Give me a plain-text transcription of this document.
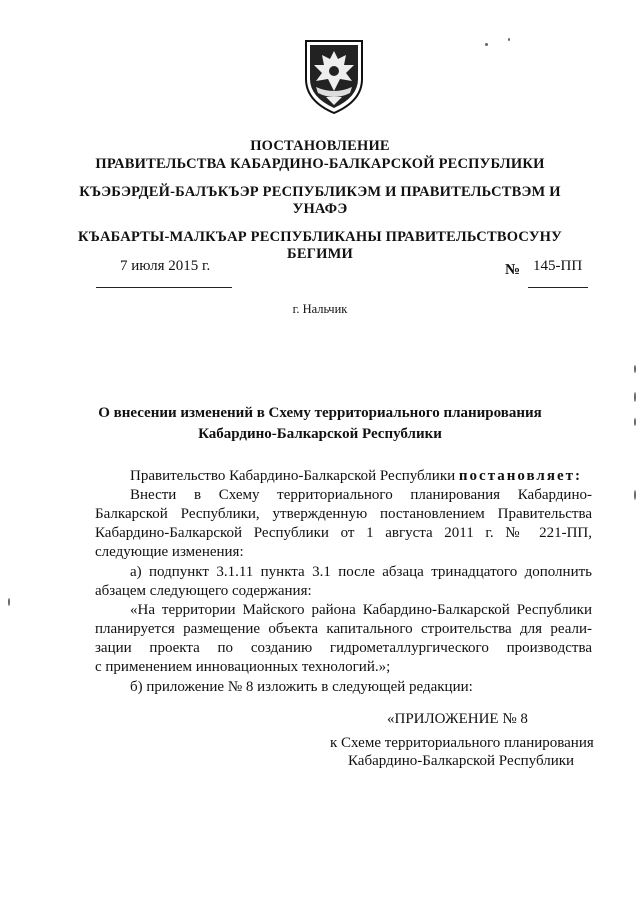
ПОСТАНОВЛЕНИЕ
ПРАВИТЕЛЬСТВА КАБАРДИНО-БАЛКАРСКОЙ РЕСПУБЛИКИ
КЪЭБЭРДЕЙ-БАЛЪКЪЭР РЕСПУБЛИКЭМ И ПРАВИТЕЛЬСТВЭМ И
УНАФЭ
КЪАБАРТЫ-МАЛКЪАР РЕСПУБЛИКАНЫ ПРАВИТЕЛЬСТВОСУНУ
БЕГИМИ
7 июля 2015 г.	№ 145-ПП
г. Нальчик
О внесении изменений в Схему территориального планирования
Кабардино-Балкарской Республики
Правительство Кабардино-Балкарской Республики постановляет:
Внести в Схему территориального планирования Кабардино-
Балкарской Республики, утвержденную постановлением Правительства
Кабардино-Балкарской Республики от 1 августа 2011 г. № 221-ПП,
следующие изменения:
а) подпункт 3.1.11 пункта 3.1 после абзаца тринадцатого дополнить
абзацем следующего содержания:
«На территории Майского района Кабардино-Балкарской Республики
планируется размещение объекта капитального строительства для реали-
зации проекта по созданию гидрометаллургического производства
с применением инновационных технологий.»;
б) приложение № 8 изложить в следующей редакции:
«ПРИЛОЖЕНИЕ № 8
к Схеме территориального планирования
Кабардино-Балкарской Республики
